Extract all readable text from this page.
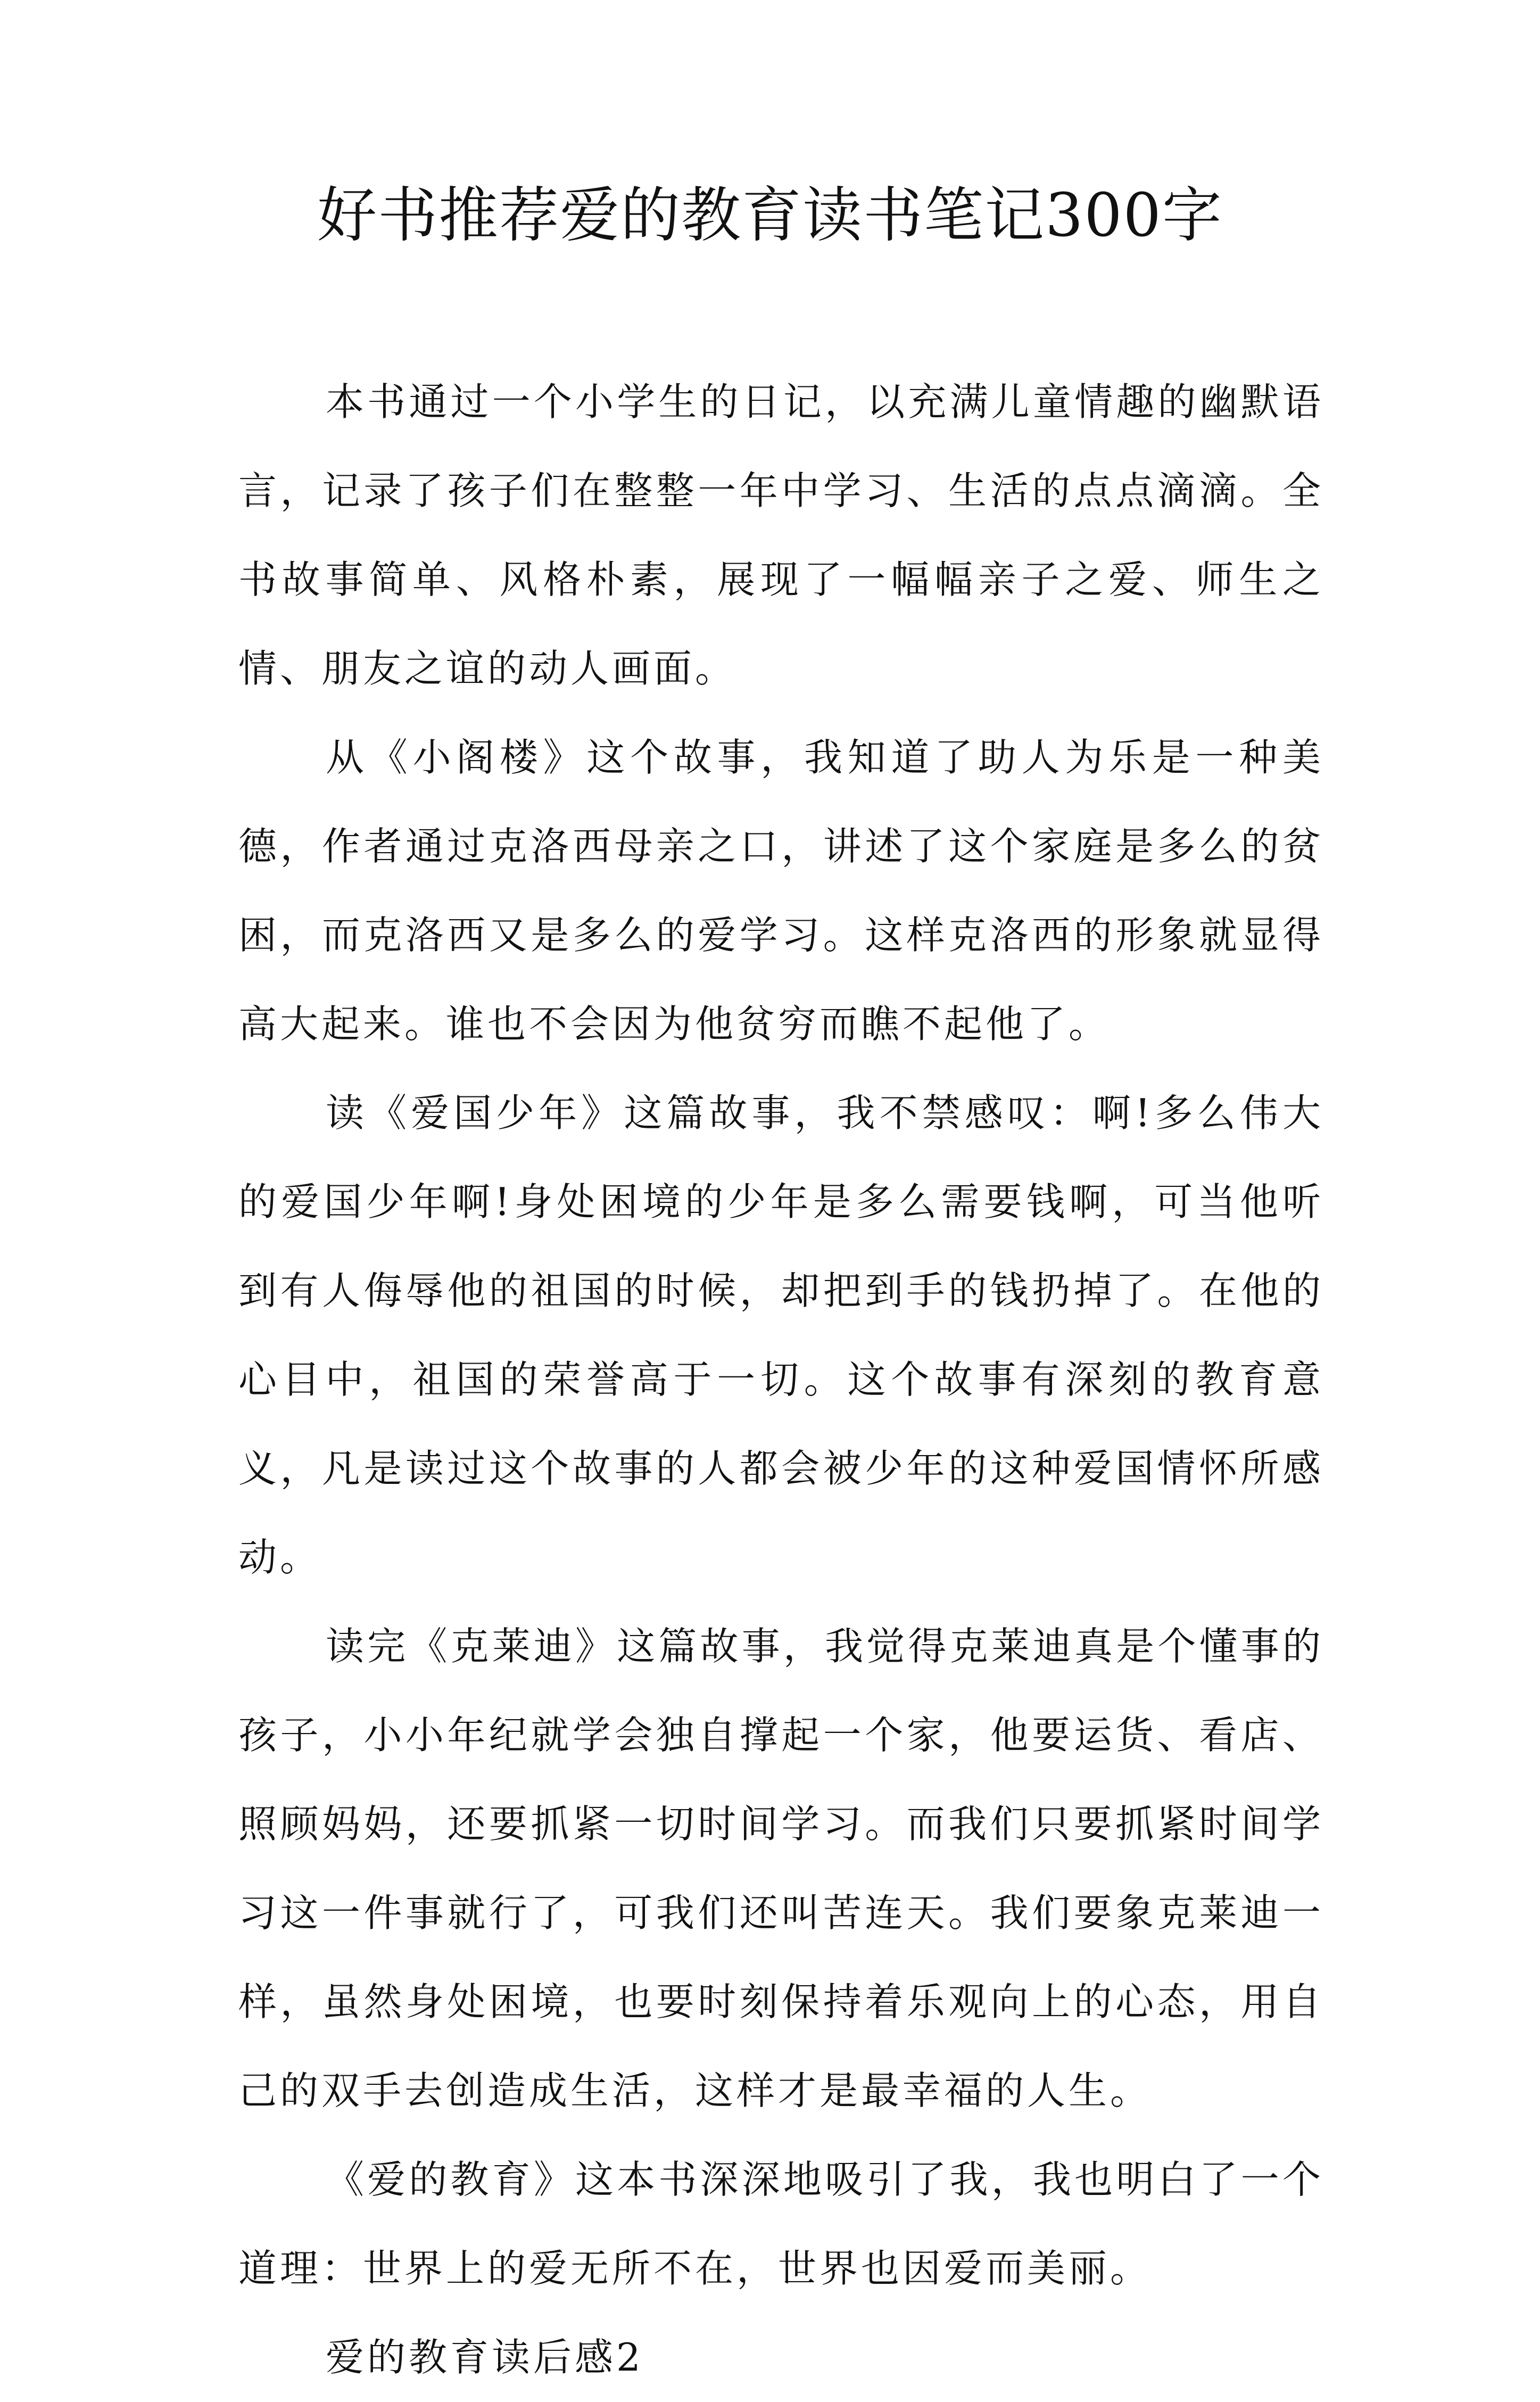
好书推荐爱的教育读书笔记300字

本书通过一个小学生的日记，以充满儿童情趣的幽默语言，记录了孩子们在整整一年中学习、生活的点点滴滴。全书故事简单、风格朴素，展现了一幅幅亲子之爱、师生之情、朋友之谊的动人画面。

从《小阁楼》这个故事，我知道了助人为乐是一种美德，作者通过克洛西母亲之口，讲述了这个家庭是多么的贫困，而克洛西又是多么的爱学习。这样克洛西的形象就显得高大起来。谁也不会因为他贫穷而瞧不起他了。

读《爱国少年》这篇故事，我不禁感叹：啊!多么伟大的爱国少年啊!身处困境的少年是多么需要钱啊，可当他听到有人侮辱他的祖国的时候，却把到手的钱扔掉了。在他的心目中，祖国的荣誉高于一切。这个故事有深刻的教育意义，凡是读过这个故事的人都会被少年的这种爱国情怀所感动。

读完《克莱迪》这篇故事，我觉得克莱迪真是个懂事的孩子，小小年纪就学会独自撑起一个家，他要运货、看店、照顾妈妈，还要抓紧一切时间学习。而我们只要抓紧时间学习这一件事就行了，可我们还叫苦连天。我们要象克莱迪一样，虽然身处困境，也要时刻保持着乐观向上的心态，用自己的双手去创造成生活，这样才是最幸福的人生。

《爱的教育》这本书深深地吸引了我，我也明白了一个道理：世界上的爱无所不在，世界也因爱而美丽。

爱的教育读后感2
